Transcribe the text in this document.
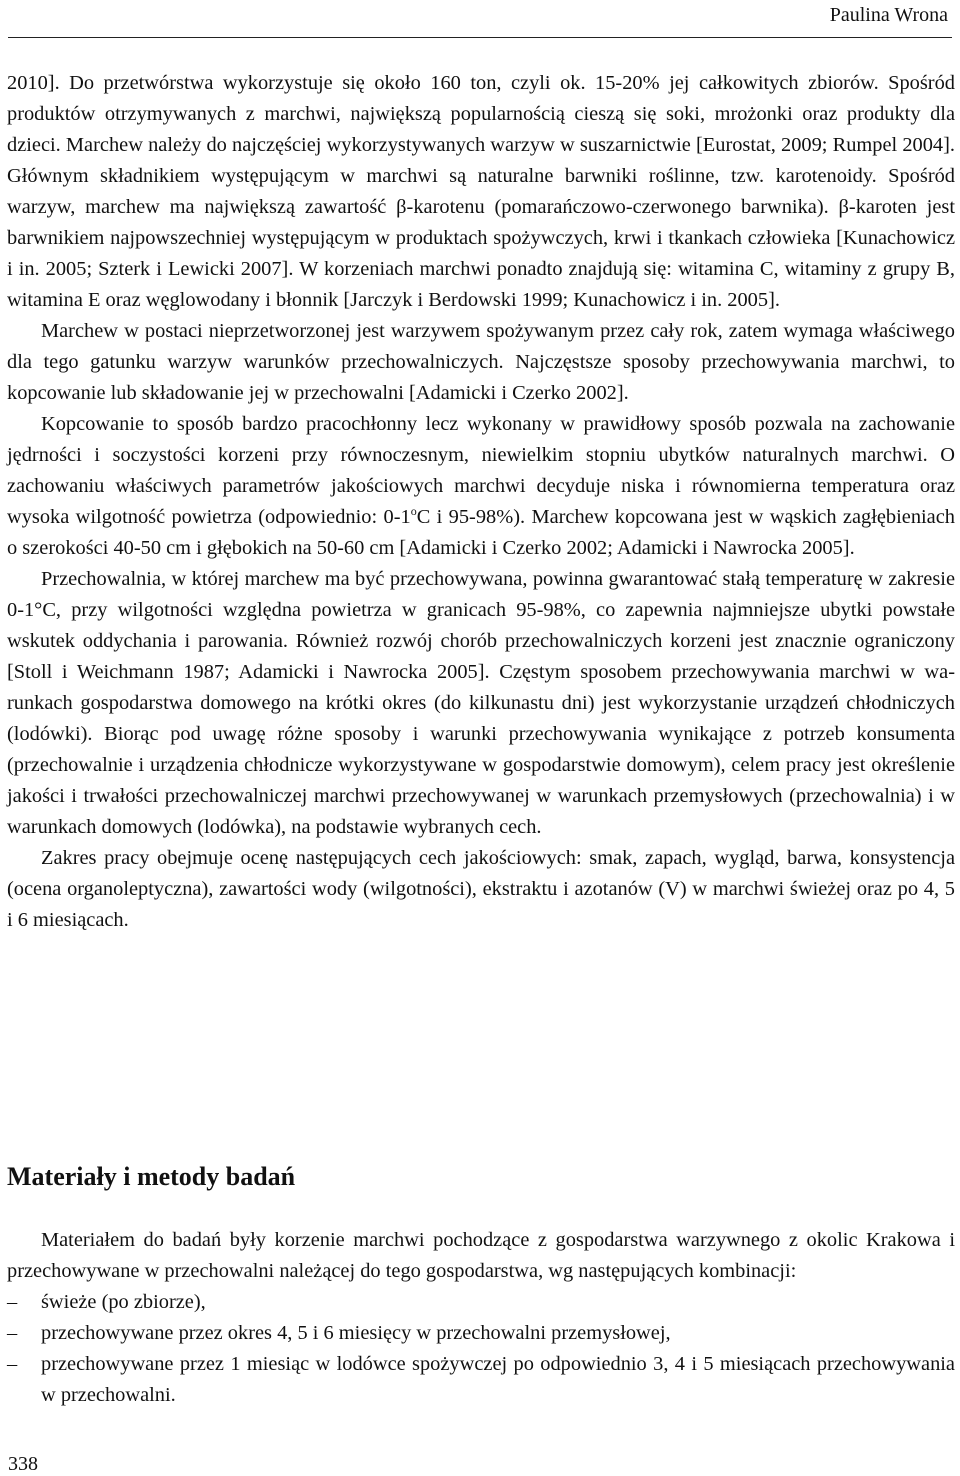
Paulina Wrona

2010]. Do przetwórstwa wykorzystuje się około 160 ton, czyli ok. 15-20% jej całkowitych zbiorów. Spośród produktów otrzymywanych z marchwi, największą popularnością cieszą się soki, mrożonki oraz produkty dla dzieci. Marchew należy do najczęściej wykorzystywanych warzyw w suszarnictwie [Eurostat, 2009; Rumpel 2004]. Głównym składnikiem występującym w marchwi są naturalne barwniki roślinne, tzw. karotenoidy. Spośród warzyw, marchew ma największą zawartość β-karotenu (pomarańczowo-czerwonego barwnika). β-karoten jest barwnikiem najpowszechniej występującym w produktach spożywczych, krwi i tkankach człowieka [Kunachowicz i in. 2005; Szterk i Lewicki 2007]. W korzeniach marchwi ponadto znajdują się: witamina C, witaminy z grupy B, witamina E oraz węglowodany i błonnik [Jarczyk i Berdowski 1999; Kunachowicz i in. 2005].

Marchew w postaci nieprzetworzonej jest warzywem spożywanym przez cały rok, zatem wymaga właściwego dla tego gatunku warzyw warunków przechowalniczych. Najczęstsze sposoby przechowywania marchwi, to kopcowanie lub składowanie jej w przechowalni [Adamicki i Czerko 2002].

Kopcowanie to sposób bardzo pracochłonny lecz wykonany w prawidłowy sposób pozwala na zachowanie jędrności i soczystości korzeni przy równoczesnym, niewielkim stopniu ubytków naturalnych marchwi. O zachowaniu właściwych parametrów jakościowych marchwi decyduje niska i równomierna temperatura oraz wysoka wilgotność powietrza (odpowiednio: 0-1$^o$C i 95-98%). Marchew kopcowana jest w wąskich zagłębieniach o szerokości 40-50 cm i głębokich na 50-60 cm [Adamicki i Czerko 2002; Adamicki i Nawrocka 2005].

Przechowalnia, w której marchew ma być przechowywana, powinna gwarantować stałą temperaturę w zakresie 0-1°C, przy wilgotności względna powietrza w granicach 95-98%, co zapewnia najmniejsze ubytki powstałe wskutek oddychania i parowania. Również rozwój chorób przechowalniczych korzeni jest znacznie ograniczony [Stoll i Weichmann 1987; Adamicki i Nawrocka 2005]. Częstym sposobem przechowywania marchwi w warunkach gospodarstwa domowego na krótki okres (do kilkunastu dni) jest wykorzystanie urządzeń chłodniczych (lodówki). Biorąc pod uwagę różne sposoby i warunki przechowywania wynikające z potrzeb konsumenta (przechowalnie i urządzenia chłodnicze wykorzystywane w gospodarstwie domowym), celem pracy jest określenie jakości i trwałości przechowalniczej marchwi przechowywanej w warunkach przemysłowych (przechowalnia) i w warunkach domowych (lodówka), na podstawie wybranych cech.

Zakres pracy obejmuje ocenę następujących cech jakościowych: smak, zapach, wygląd, barwa, konsystencja (ocena organoleptyczna), zawartości wody (wilgotności), ekstraktu i azotanów (V) w marchwi świeżej oraz po 4, 5 i 6 miesiącach.

Materiały i metody badań

Materiałem do badań były korzenie marchwi pochodzące z gospodarstwa warzywnego z okolic Krakowa i przechowywane w przechowalni należącej do tego gospodarstwa, wg następujących kombinacji:

– świeże (po zbiorze),
– przechowywane przez okres 4, 5 i 6 miesięcy w przechowalni przemysłowej,
– przechowywane przez 1 miesiąc w lodówce spożywczej po odpowiednio 3, 4 i 5 miesiącach przechowywania w przechowalni.
338
